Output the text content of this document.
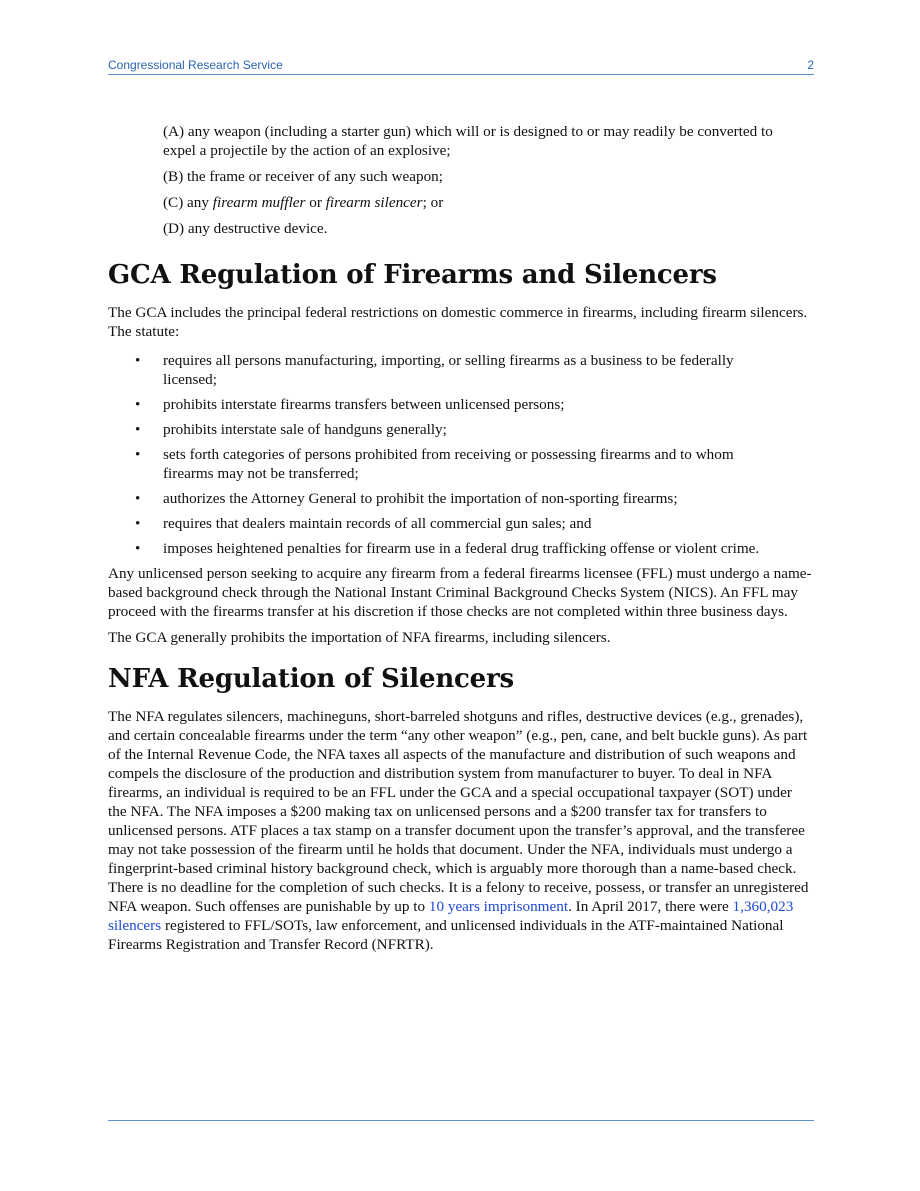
Congressional Research Service	2

(A) any weapon (including a starter gun) which will or is designed to or may readily be converted to expel a projectile by the action of an explosive;

(B) the frame or receiver of any such weapon;

(C) any firearm muffler or firearm silencer; or

(D) any destructive device.

GCA Regulation of Firearms and Silencers

The GCA includes the principal federal restrictions on domestic commerce in firearms, including firearm silencers. The statute:

• requires all persons manufacturing, importing, or selling firearms as a business to be federally licensed;
• prohibits interstate firearms transfers between unlicensed persons;
• prohibits interstate sale of handguns generally;
• sets forth categories of persons prohibited from receiving or possessing firearms and to whom firearms may not be transferred;
• authorizes the Attorney General to prohibit the importation of non-sporting firearms;
• requires that dealers maintain records of all commercial gun sales; and
• imposes heightened penalties for firearm use in a federal drug trafficking offense or violent crime.

Any unlicensed person seeking to acquire any firearm from a federal firearms licensee (FFL) must undergo a name-based background check through the National Instant Criminal Background Checks System (NICS). An FFL may proceed with the firearms transfer at his discretion if those checks are not completed within three business days.

The GCA generally prohibits the importation of NFA firearms, including silencers.

NFA Regulation of Silencers

The NFA regulates silencers, machineguns, short-barreled shotguns and rifles, destructive devices (e.g., grenades), and certain concealable firearms under the term “any other weapon” (e.g., pen, cane, and belt buckle guns). As part of the Internal Revenue Code, the NFA taxes all aspects of the manufacture and distribution of such weapons and compels the disclosure of the production and distribution system from manufacturer to buyer. To deal in NFA firearms, an individual is required to be an FFL under the GCA and a special occupational taxpayer (SOT) under the NFA. The NFA imposes a $200 making tax on unlicensed persons and a $200 transfer tax for transfers to unlicensed persons. ATF places a tax stamp on a transfer document upon the transfer’s approval, and the transferee may not take possession of the firearm until he holds that document. Under the NFA, individuals must undergo a fingerprint-based criminal history background check, which is arguably more thorough than a name-based check. There is no deadline for the completion of such checks. It is a felony to receive, possess, or transfer an unregistered NFA weapon. Such offenses are punishable by up to 10 years imprisonment. In April 2017, there were 1,360,023 silencers registered to FFL/SOTs, law enforcement, and unlicensed individuals in the ATF-maintained National Firearms Registration and Transfer Record (NFRTR).
